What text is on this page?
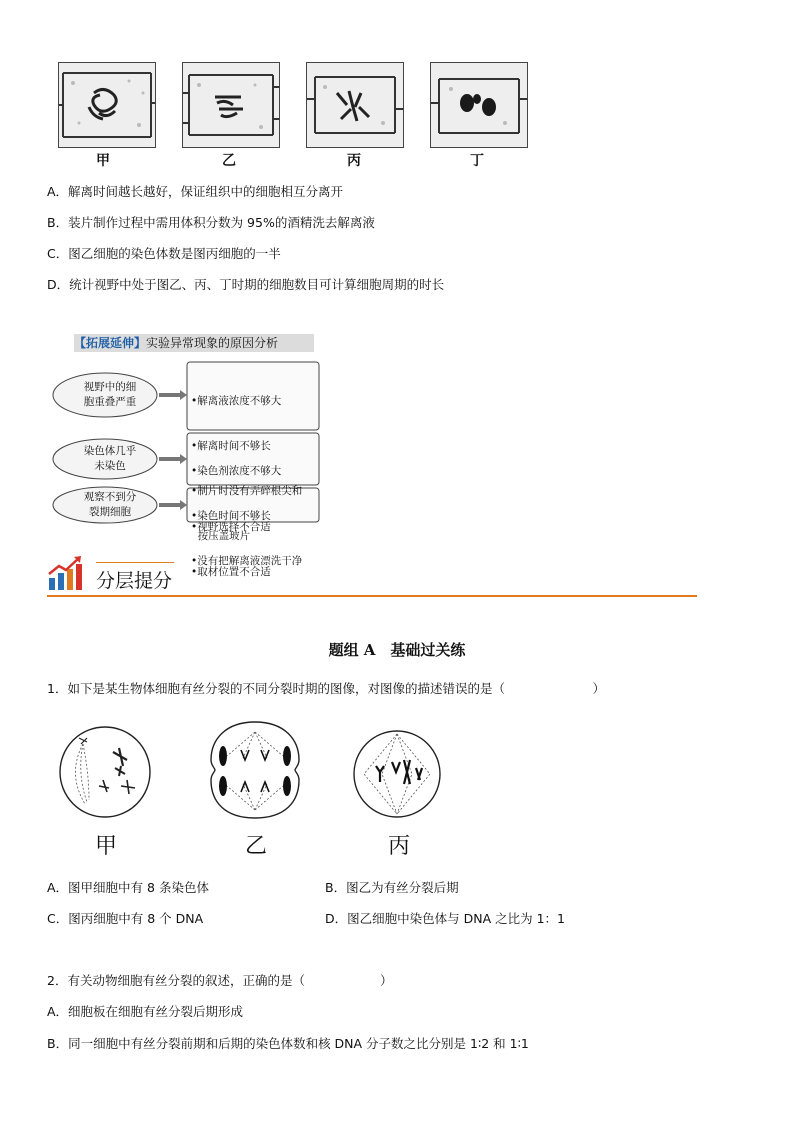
甲	乙	丙	丁
A．解离时间越长越好，保证组织中的细胞相互分离开
B．装片制作过程中需用体积分数为 95%的酒精洗去解离液
C．图乙细胞的染色体数是图丙细胞的一半
D．统计视野中处于图乙、丙、丁时期的细胞数目可计算细胞周期的时长
【拓展延伸】实验异常现象的原因分析
视野中的细
胞重叠严重
染色体几乎
未染色
观察不到分
裂期细胞

•解离液浓度不够大

•解离时间不够长

•制片时没有弄碎根尖和

按压盖玻片

•染色剂浓度不够大

•染色时间不够长

•没有把解离液漂洗干净

•视野选择不合适

•取材位置不合适

分层提分
题组 A　基础过关练
1．如下是某生物体细胞有丝分裂的不同分裂时期的图像，对图像的描述错误的是（　　　　　　　）
甲	乙	丙
A．图甲细胞中有 8 条染色体	B．图乙为有丝分裂后期
C．图丙细胞中有 8 个 DNA	D．图乙细胞中染色体与 DNA 之比为 1：1
2．有关动物细胞有丝分裂的叙述，正确的是（　　　　　　）
A．细胞板在细胞有丝分裂后期形成
B．同一细胞中有丝分裂前期和后期的染色体数和核 DNA 分子数之比分别是 1∶2 和 1∶1
